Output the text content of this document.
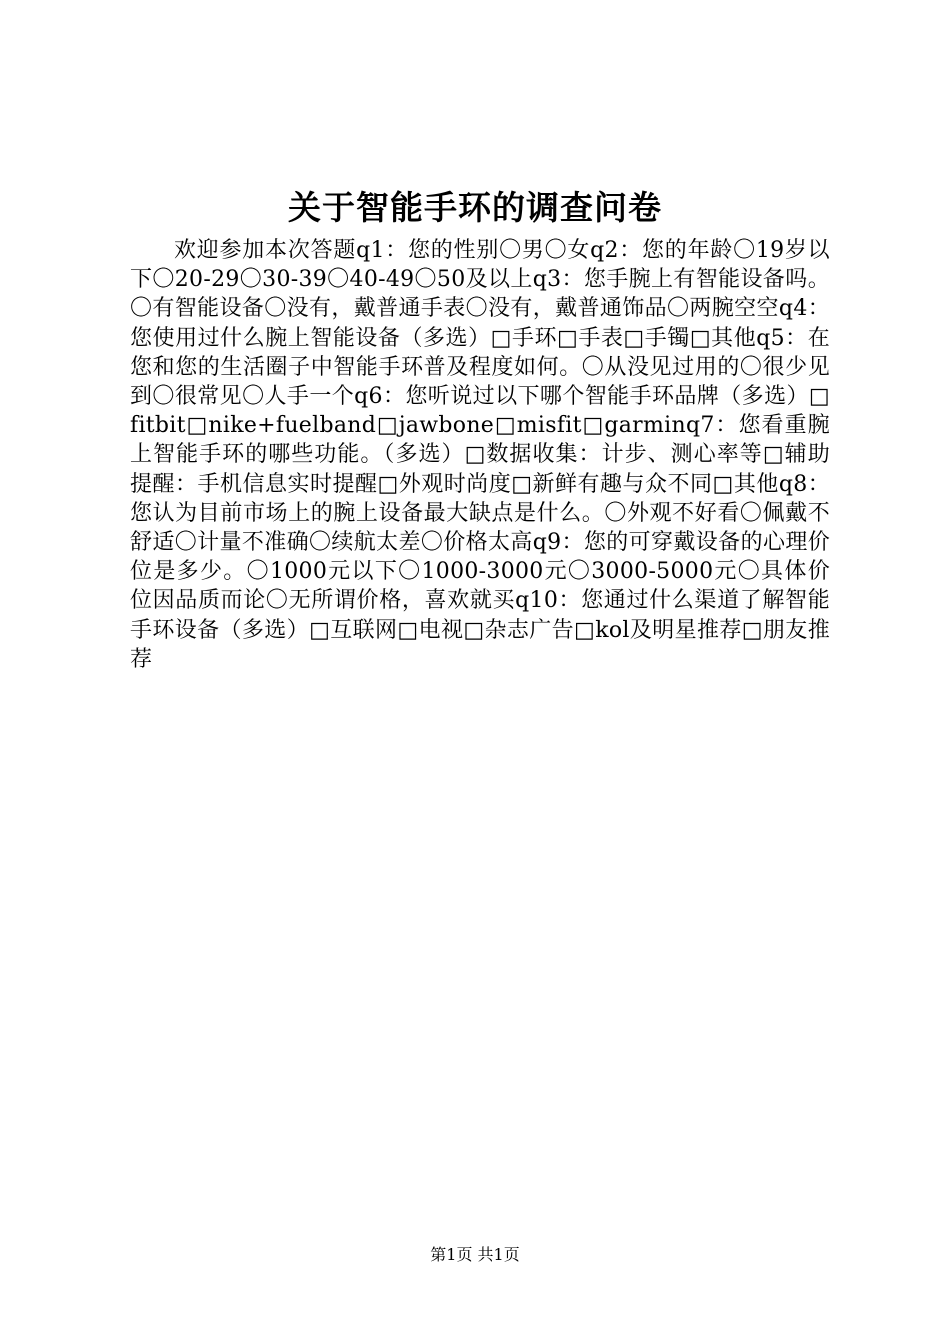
关于智能手环的调查问卷

欢迎参加本次答题q1：您的性别〇男〇女q2：您的年龄〇19岁以下〇20-29〇30-39〇40-49〇50及以上q3：您手腕上有智能设备吗。〇有智能设备〇没有，戴普通手表〇没有，戴普通饰品〇两腕空空q4：您使用过什么腕上智能设备（多选）□手环□手表□手镯□其他q5：在您和您的生活圈子中智能手环普及程度如何。〇从没见过用的〇很少见到〇很常见〇人手一个q6：您听说过以下哪个智能手环品牌（多选）□fitbit□nike+fuelband□jawbone□misfit□garminq7：您看重腕上智能手环的哪些功能。（多选）□数据收集：计步、测心率等□辅助提醒：手机信息实时提醒□外观时尚度□新鲜有趣与众不同□其他q8：您认为目前市场上的腕上设备最大缺点是什么。〇外观不好看〇佩戴不舒适〇计量不准确〇续航太差〇价格太高q9：您的可穿戴设备的心理价位是多少。〇1000元以下〇1000-3000元〇3000-5000元〇具体价位因品质而论〇无所谓价格，喜欢就买q10：您通过什么渠道了解智能手环设备（多选）□互联网□电视□杂志广告□kol及明星推荐□朋友推荐

第1页 共1页
